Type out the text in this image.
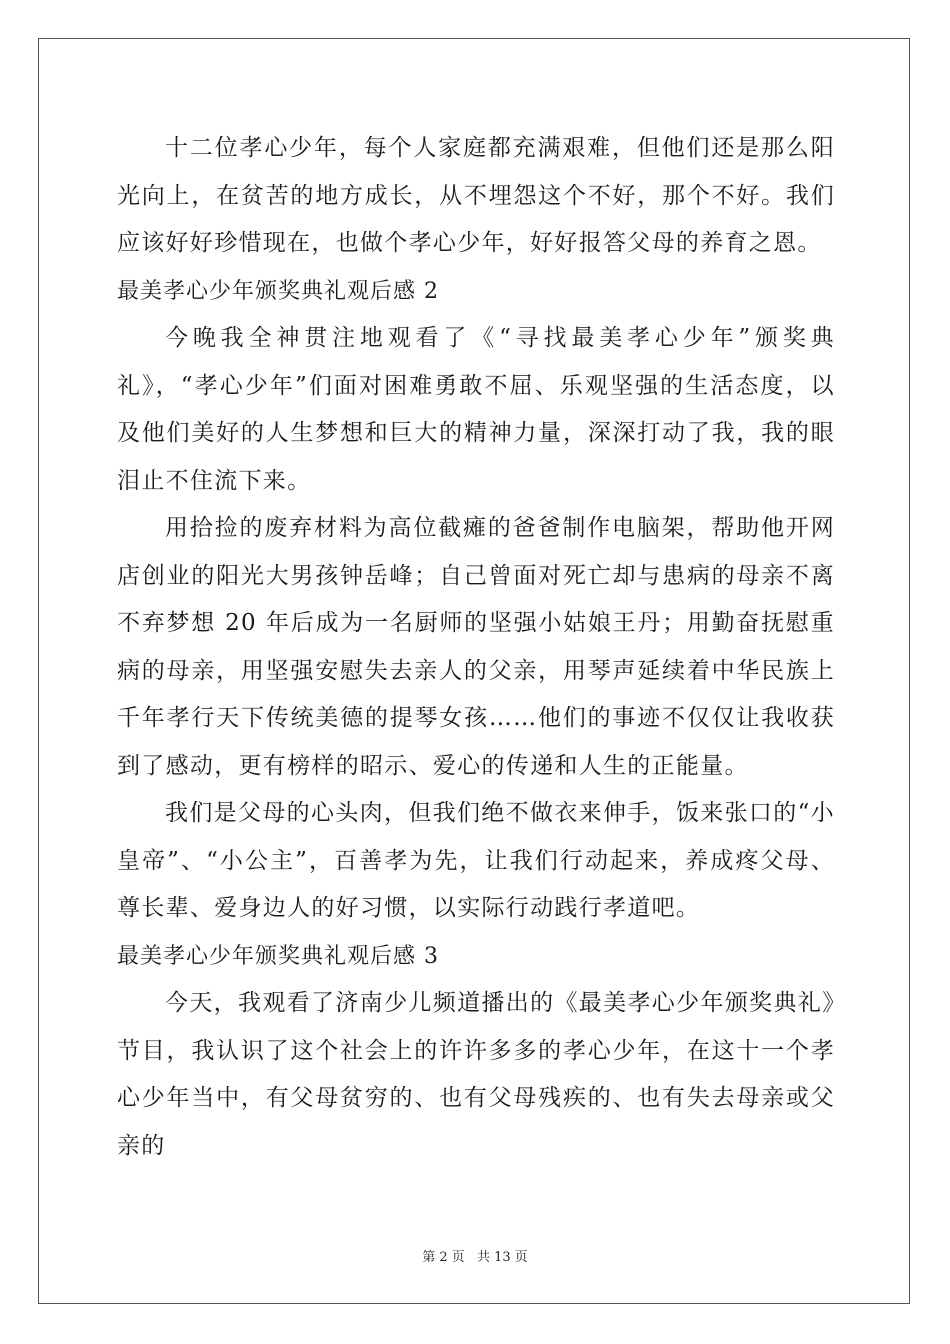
十二位孝心少年，每个人家庭都充满艰难，但他们还是那么阳光向上，在贫苦的地方成长，从不埋怨这个不好，那个不好。我们应该好好珍惜现在，也做个孝心少年，好好报答父母的养育之恩。

最美孝心少年颁奖典礼观后感 2

今晚我全神贯注地观看了《“寻找最美孝心少年”颁奖典礼》，“孝心少年”们面对困难勇敢不屈、乐观坚强的生活态度，以及他们美好的人生梦想和巨大的精神力量，深深打动了我，我的眼泪止不住流下来。

用拾捡的废弃材料为高位截瘫的爸爸制作电脑架，帮助他开网店创业的阳光大男孩钟岳峰；自己曾面对死亡却与患病的母亲不离不弃梦想 20 年后成为一名厨师的坚强小姑娘王丹；用勤奋抚慰重病的母亲，用坚强安慰失去亲人的父亲，用琴声延续着中华民族上千年孝行天下传统美德的提琴女孩……他们的事迹不仅仅让我收获到了感动，更有榜样的昭示、爱心的传递和人生的正能量。

我们是父母的心头肉，但我们绝不做衣来伸手，饭来张口的“小皇帝”、“小公主”，百善孝为先，让我们行动起来，养成疼父母、尊长辈、爱身边人的好习惯，以实际行动践行孝道吧。

最美孝心少年颁奖典礼观后感 3

今天，我观看了济南少儿频道播出的《最美孝心少年颁奖典礼》节目，我认识了这个社会上的许许多多的孝心少年，在这十一个孝心少年当中，有父母贫穷的、也有父母残疾的、也有失去母亲或父亲的

第 2 页 共 13 页
